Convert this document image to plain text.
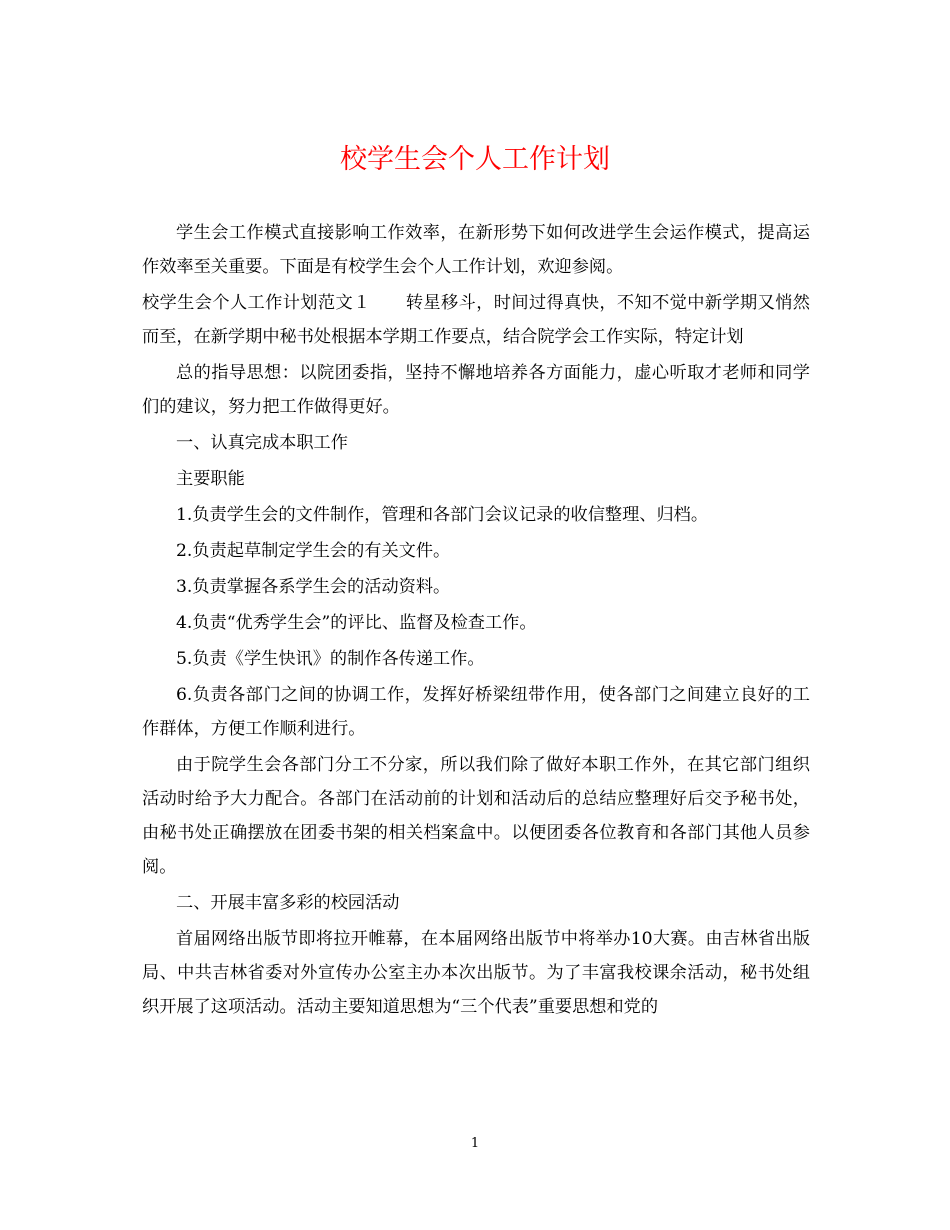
校学生会个人工作计划

学生会工作模式直接影响工作效率，在新形势下如何改进学生会运作模式，提高运作效率至关重要。下面是有校学生会个人工作计划，欢迎参阅。

校学生会个人工作计划范文１　　转星移斗，时间过得真快，不知不觉中新学期又悄然而至，在新学期中秘书处根据本学期工作要点，结合院学会工作实际，特定计划

总的指导思想：以院团委指，坚持不懈地培养各方面能力，虚心听取才老师和同学们的建议，努力把工作做得更好。

一、认真完成本职工作

主要职能

1.负责学生会的文件制作，管理和各部门会议记录的收信整理、归档。

2.负责起草制定学生会的有关文件。

3.负责掌握各系学生会的活动资料。

4.负责“优秀学生会”的评比、监督及检查工作。

5.负责《学生快讯》的制作各传递工作。

6.负责各部门之间的协调工作，发挥好桥梁纽带作用，使各部门之间建立良好的工作群体，方便工作顺利进行。

由于院学生会各部门分工不分家，所以我们除了做好本职工作外，在其它部门组织活动时给予大力配合。各部门在活动前的计划和活动后的总结应整理好后交予秘书处，由秘书处正确摆放在团委书架的相关档案盒中。以便团委各位教育和各部门其他人员参阅。

二、开展丰富多彩的校园活动

首届网络出版节即将拉开帷幕，在本届网络出版节中将举办10大赛。由吉林省出版局、中共吉林省委对外宣传办公室主办本次出版节。为了丰富我校课余活动，秘书处组织开展了这项活动。活动主要知道思想为“三个代表”重要思想和党的

1
